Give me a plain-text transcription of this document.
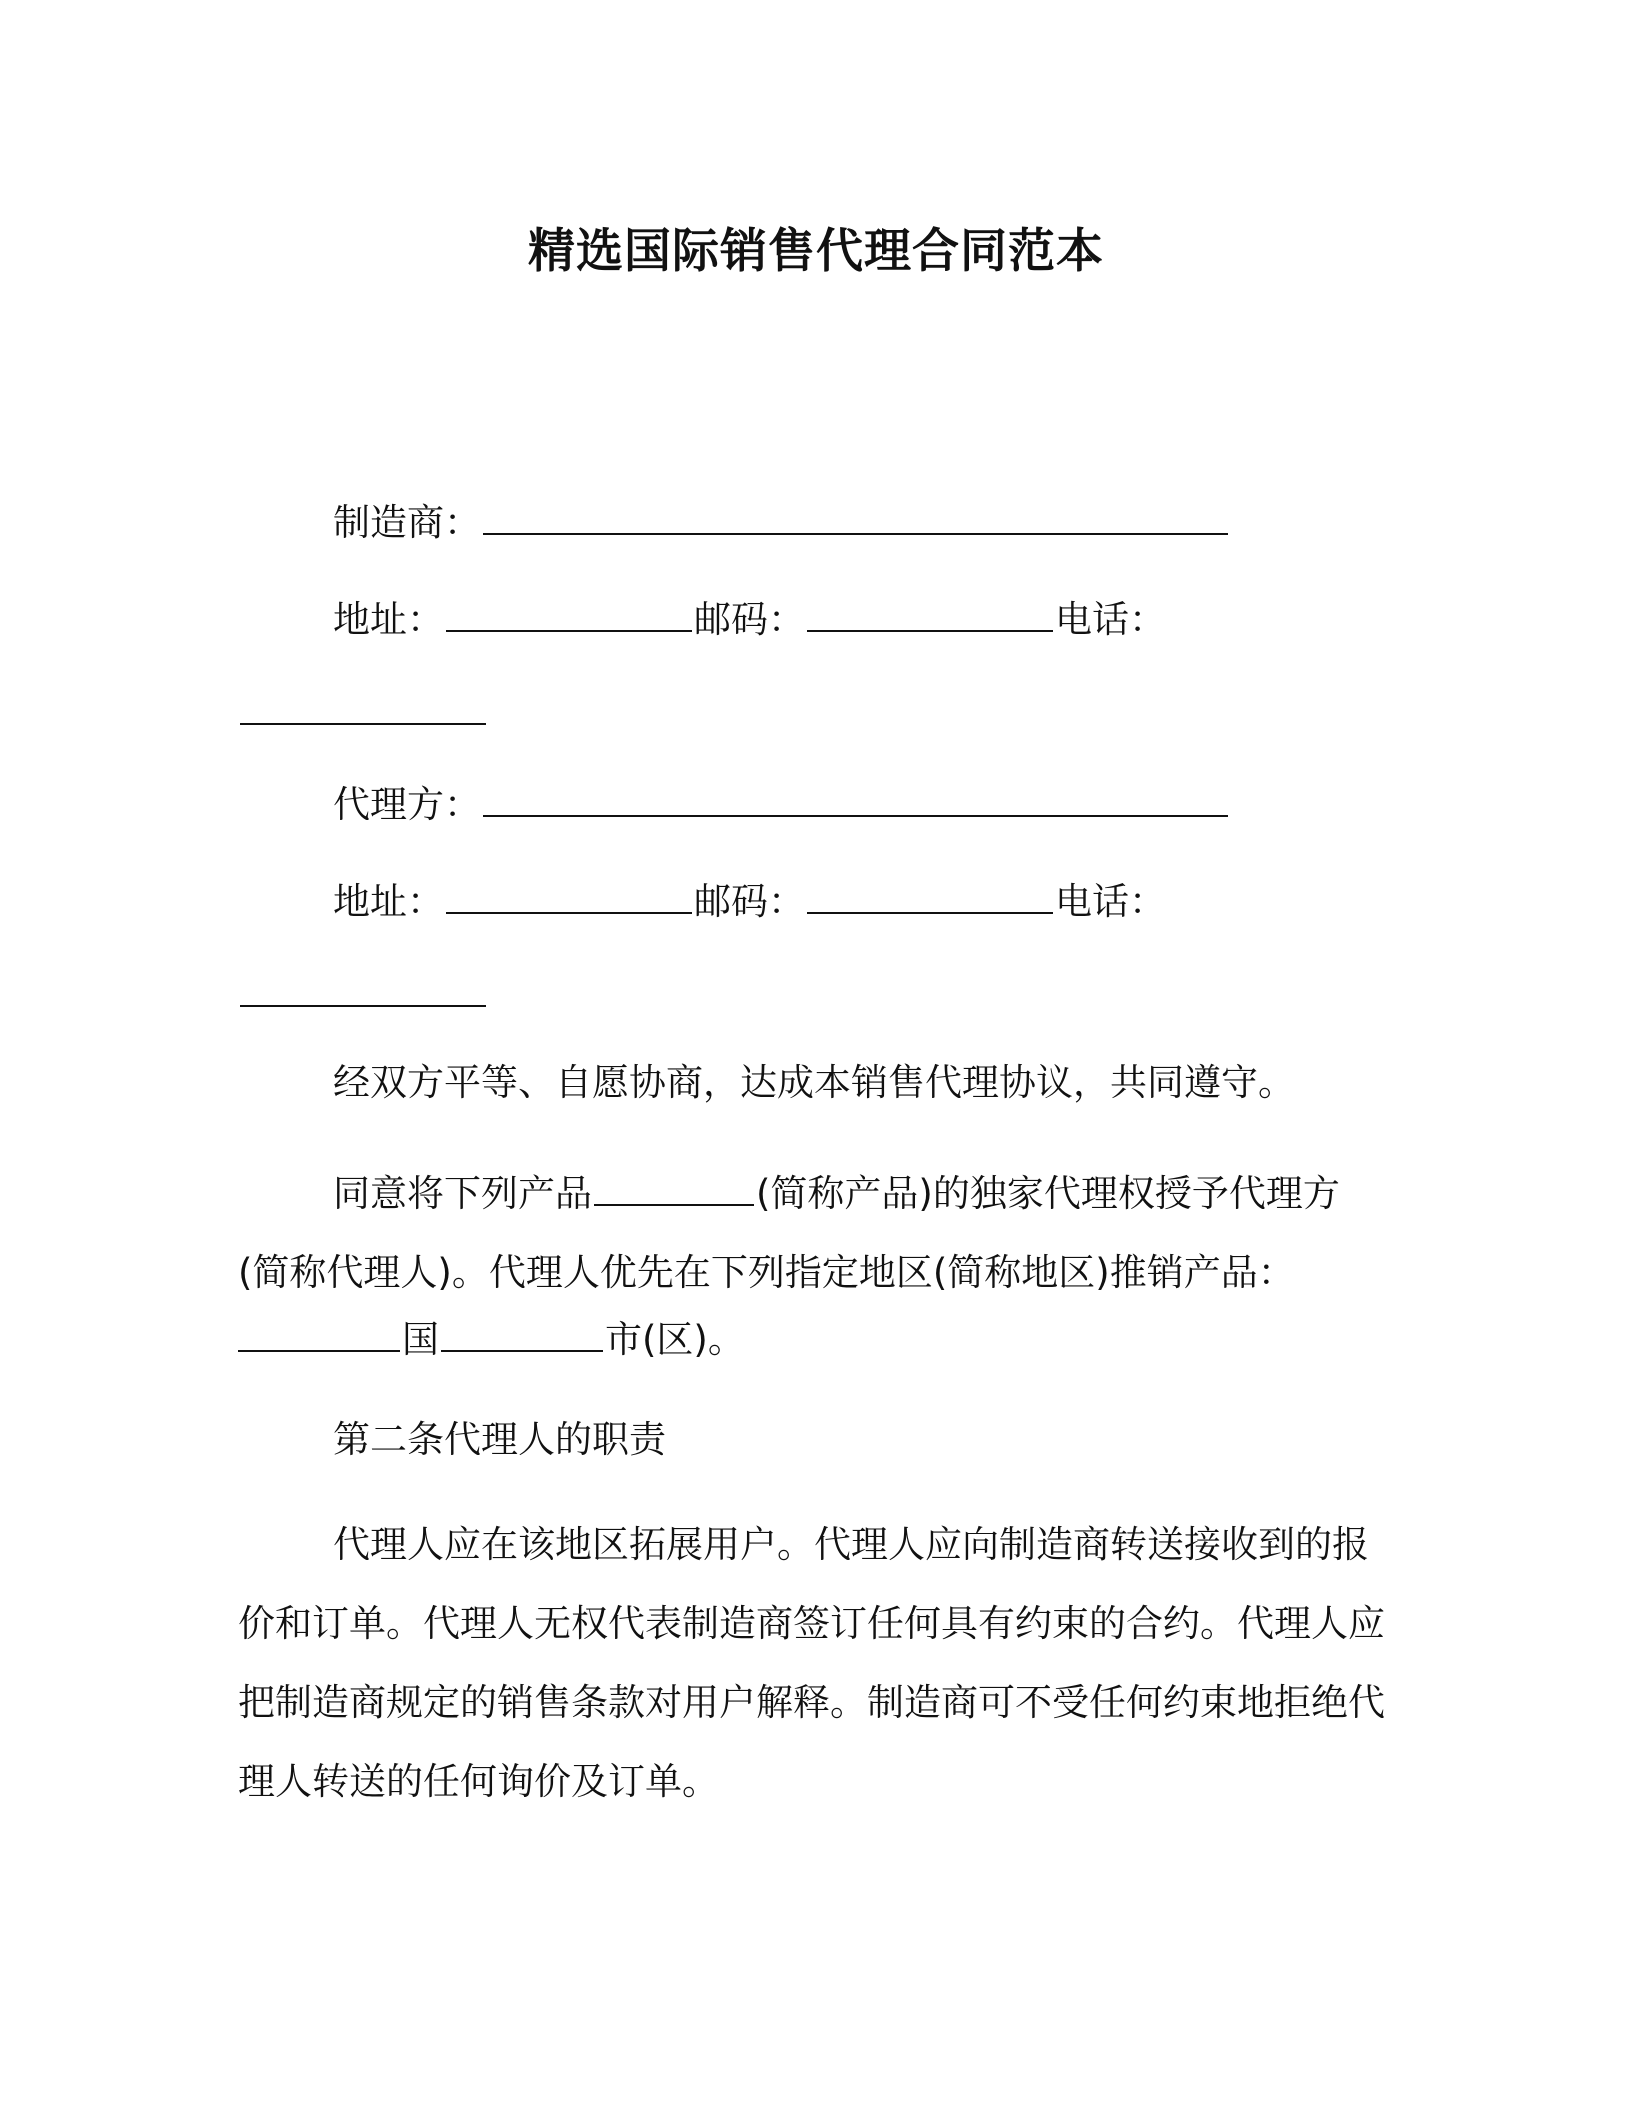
精选国际销售代理合同范本
制造商：
地址：	邮码：	电话：
代理方：
地址：	邮码：	电话：
经双方平等、自愿协商，达成本销售代理协议，共同遵守。
同意将下列产品	(简称产品)的独家代理权授予代理方(简称代理人)。代理人优先在下列指定地区(简称地区)推销产品：
国	市(区)。
第二条代理人的职责
代理人应在该地区拓展用户。代理人应向制造商转送接收到的报价和订单。代理人无权代表制造商签订任何具有约束的合约。代理人应把制造商规定的销售条款对用户解释。制造商可不受任何约束地拒绝代理人转送的任何询价及订单。
